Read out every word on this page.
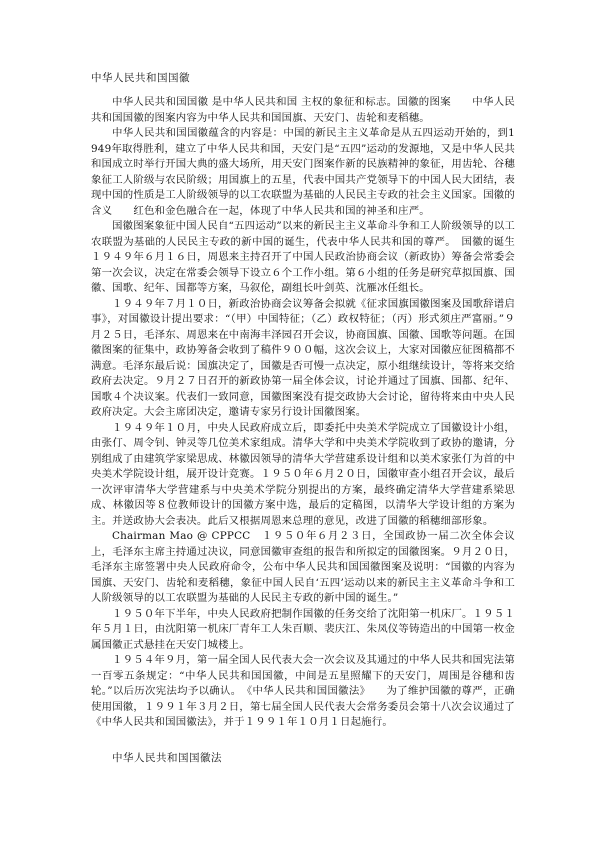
中华人民共和国国徽

中华人民共和国国徽 是中华人民共和国 主权的象征和标志。国徽的图案　　中华人民共和国国徽的图案内容为中华人民共和国国旗、天安门、齿轮和麦稻穗。

中华人民共和国国徽蕴含的内容是：中国的新民主主义革命是从五四运动开始的，到1949年取得胜利，建立了中华人民共和国，天安门是“五四”运动的发源地，又是中华人民共和国成立时举行开国大典的盛大场所，用天安门图案作新的民族精神的象征，用齿轮、谷穗象征工人阶级与农民阶级；用国旗上的五星，代表中国共产党领导下的中国人民大团结，表现中国的性质是工人阶级领导的以工农联盟为基础的人民民主专政的社会主义国家。国徽的含义　　红色和金色融合在一起，体现了中华人民共和国的神圣和庄严。

国徽图案象征中国人民自“五四运动”以来的新民主主义革命斗争和工人阶级领导的以工农联盟为基础的人民民主专政的新中国的诞生，代表中华人民共和国的尊严。　国徽的诞生１９４９年６月１６日，周恩来主持召开了中国人民政治协商会议（新政协）筹备会常委会第一次会议，决定在常委会领导下设立６个工作小组。第６小组的任务是研究草拟国旗、国徽、国歌、纪年、国都等方案，马叙伦，副组长叶剑英、沈雁冰任组长。

１９４９年７月１０日，新政治协商会议筹备会拟就《征求国旗国徽图案及国歌辞谱启事》，对国徽设计提出要求：“（甲）中国特征；（乙）政权特征；（丙）形式须庄严富丽。”９月２５日，毛泽东、周恩来在中南海丰泽园召开会议，协商国旗、国徽、国歌等问题。在国徽图案的征集中，政协筹备会收到了稿件９００幅，这次会议上，大家对国徽应征图稿都不满意。毛泽东最后说：国旗决定了，国徽是否可慢一点决定，原小组继续设计，等将来交给政府去决定。９月２７日召开的新政协第一届全体会议，讨论并通过了国旗、国都、纪年、国歌４个决议案。代表们一致同意，国徽图案没有提交政协大会讨论，留待将来由中央人民政府决定。大会主席团决定，邀请专家另行设计国徽图案。

１９４９年１０月，中央人民政府成立后，即委托中央美术学院成立了国徽设计小组，由张仃、周令钊、钟灵等几位美术家组成。清华大学和中央美术学院收到了政协的邀请，分别组成了由建筑学家梁思成、林徽因领导的清华大学营建系设计组和以美术家张仃为首的中央美术学院设计组，展开设计竞赛。１９５０年６月２０日，国徽审查小组召开会议，最后一次评审清华大学营建系与中央美术学院分别提出的方案，最终确定清华大学营建系梁思成、林徽因等８位教师设计的国徽方案中选，最后的定稿图，以清华大学设计组的方案为主。并送政协大会表决。此后又根据周恩来总理的意见，改进了国徽的稻穗细部形象。

Chairman Mao @ CPPCC　１９５０年６月２３日，全国政协一届二次全体会议上，毛泽东主席主持通过决议，同意国徽审查组的报告和所拟定的国徽图案。９月２０日，毛泽东主席签署中央人民政府命令，公布中华人民共和国国徽图案及说明：“国徽的内容为国旗、天安门、齿轮和麦稻穗，象征中国人民自‘五四’运动以来的新民主主义革命斗争和工人阶级领导的以工农联盟为基础的人民民主专政的新中国的诞生。”

１９５０年下半年，中央人民政府把制作国徽的任务交给了沈阳第一机床厂。１９５１年５月１日，由沈阳第一机床厂青年工人朱百顺、裴庆江、朱凤仪等铸造出的中国第一枚金属国徽正式悬挂在天安门城楼上。

１９５４年９月，第一届全国人民代表大会一次会议及其通过的中华人民共和国宪法第一百零五条规定：“中华人民共和国国徽，中间是五星照耀下的天安门，周围是谷穗和齿轮。”以后历次宪法均予以确认。　《中华人民共和国国徽法》　　为了维护国徽的尊严，正确使用国徽，１９９１年３月２日，第七届全国人民代表大会常务委员会第十八次会议通过了《中华人民共和国国徽法》，并于１９９１年１０月１日起施行。

中华人民共和国国徽法
